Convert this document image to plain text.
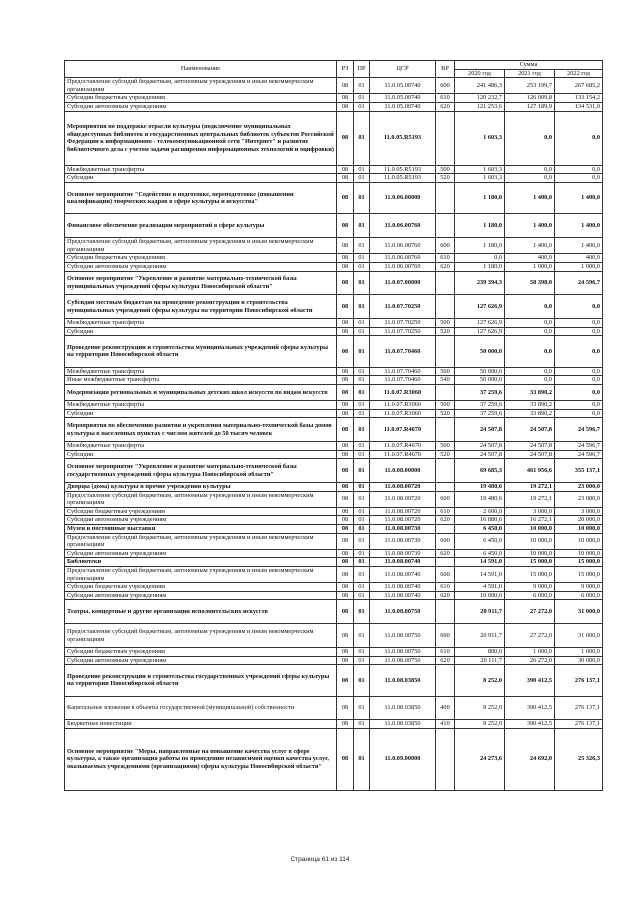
Наименование	РЗ	ПР	ЦСР	ВР	Сумма		
					2020 год	2021 год	2022 год
Предоставление субсидий бюджетным, автономным учреждениям и иным некоммерческим организациям	08	01	11.0.05.00740	600	241 486,3	253 199,7	267 685,2
Субсидии бюджетным учреждениям	08	01	11.0.05.00740	610	120 232,7	126 009,8	133 154,2
Субсидии автономным учреждениям	08	01	11.0.05.00740	620	121 253,6	127 189,9	134 531,0
Мероприятия по поддержке отрасли культуры (подключение муниципальных общедоступных библиотек и государственных центральных библиотек субъектов Российской Федерации к информационно - телекоммуникационной сети "Интернет" и развитие библиотечного дела с учетом задачи расширения информационных технологий и оцифровки)	08	01	11.0.05.R5193		1 603,3	0,0	0,0
Межбюджетные трансферты	08	01	11.0.05.R5193	500	1 603,3	0,0	0,0
Субсидии	08	01	11.0.05.R5193	520	1 603,3	0,0	0,0
Основное мероприятие "Содействие в подготовке, переподготовке (повышении квалификации) творческих кадров в сфере культуры и искусства"	08	01	11.0.06.00000		1 180,0	1 400,0	1 400,0
Финансовое обеспечение реализации мероприятий в сфере культуры	08	01	11.0.06.00760		1 180,0	1 400,0	1 400,0
Предоставление субсидий бюджетным, автономным учреждениям и иным некоммерческим организациям	08	01	11.0.06.00760	600	1 180,0	1 400,0	1 400,0
Субсидии бюджетным учреждениям	08	01	11.0.06.00760	610	0,0	400,0	400,0
Субсидии автономным учреждениям	08	01	11.0.06.00760	620	1 180,0	1 000,0	1 000,0
Основное мероприятие "Укрепление и развитие материально-технической базы муниципальных учреждений сферы культуры Новосибирской области"	08	01	11.0.07.00000		239 394,3	58 398,0	24 596,7
Субсидии местным бюджетам на проведение реконструкции и строительства муниципальных учреждений сферы культуры на территории Новосибирской области	08	01	11.0.07.70250		127 626,9	0,0	0,0
Межбюджетные трансферты	08	01	11.0.07.70250	500	127 626,9	0,0	0,0
Субсидии	08	01	11.0.07.70250	520	127 626,9	0,0	0,0
Проведение реконструкции и строительства муниципальных учреждений сферы культуры на территории Новосибирской области	08	01	11.0.07.70460		50 000,0	0,0	0,0
Межбюджетные трансферты	08	01	11.0.07.70460	500	50 000,0	0,0	0,0
Иные межбюджетные трансферты	08	01	11.0.07.70460	540	50 000,0	0,0	0,0
Модернизация региональных и муниципальных детских школ искусств по видам искусств	08	01	11.0.07.R3060		37 259,6	33 890,2	0,0
Межбюджетные трансферты	08	01	11.0.07.R3060	500	37 259,6	33 890,2	0,0
Субсидии	08	01	11.0.07.R3060	520	37 259,6	33 890,2	0,0
Мероприятия по обеспечению развития и укрепления материально-технической базы домов культуры в населенных пунктах с числом жителей до 50 тысяч человек	08	01	11.0.07.R4670		24 507,8	24 507,8	24 596,7
Межбюджетные трансферты	08	01	11.0.07.R4670	500	24 507,8	24 507,8	24 596,7
Субсидии	08	01	11.0.07.R4670	520	24 507,8	24 507,8	24 596,7
Основное мероприятие "Укрепление и развитие материально-технической базы государственных учреждений сферы культуры Новосибирской области"	08	01	11.0.08.00000		69 685,3	461 956,6	355 137,1
Дворцы (дома) культуры и прочие учреждения культуры	08	01	11.0.08.00720		19 480,6	19 272,1	23 000,0
Предоставление субсидий бюджетным, автономным учреждениям и иным некоммерческим организациям	08	01	11.0.08.00720	600	19 480,6	19 272,1	23 000,0
Субсидии бюджетным учреждениям	08	01	11.0.08.00720	610	2 600,0	3 000,0	3 000,0
Субсидии автономным учреждениям	08	01	11.0.08.00720	620	16 880,6	16 272,1	20 000,0
Музеи и постоянные выставки	08	01	11.0.08.00730		6 450,0	10 000,0	10 000,0
Предоставление субсидий бюджетным, автономным учреждениям и иным некоммерческим организациям	08	01	11.0.08.00730	600	6 450,0	10 000,0	10 000,0
Субсидии автономным учреждениям	08	01	11.0.08.00730	620	6 450,0	10 000,0	10 000,0
Библиотеки	08	01	11.0.08.00740		14 591,0	15 000,0	15 000,0
Предоставление субсидий бюджетным, автономным учреждениям и иным некоммерческим организациям	08	01	11.0.08.00740	600	14 591,0	15 000,0	15 000,0
Субсидии бюджетным учреждениям	08	01	11.0.08.00740	610	4 591,0	9 000,0	9 000,0
Субсидии автономным учреждениям	08	01	11.0.08.00740	620	10 000,0	6 000,0	6 000,0
Театры, концертные и другие организации исполнительских искусств	08	01	11.0.08.00750		20 911,7	27 272,0	31 000,0
Предоставление субсидий бюджетным, автономным учреждениям и иным некоммерческим организациям	08	01	11.0.08.00750	600	20 911,7	27 272,0	31 000,0
Субсидии бюджетным учреждениям	08	01	11.0.08.00750	610	800,0	1 000,0	1 000,0
Субсидии автономным учреждениям	08	01	11.0.08.00750	620	20 111,7	26 272,0	30 000,0
Проведение реконструкции и строительства государственных учреждений сферы культуры на территории Новосибирской области	08	01	11.0.08.03850		8 252,0	390 412,5	276 137,1
Капитальные вложения в объекты государственной (муниципальной) собственности	08	01	11.0.08.03850	400	8 252,0	390 412,5	276 137,1
Бюджетные инвестиции	08	01	11.0.08.03850	410	8 252,0	390 412,5	276 137,1
Основное мероприятие "Меры, направленные на повышение качества услуг в сфере культуры, а также организация работы по проведению независимой оценки качества услуг, оказываемых учреждениями (организациями) сферы культуры Новосибирской области"	08	01	11.0.09.00000		24 273,6	24 692,0	25 326,3
Страница 61 из 114
